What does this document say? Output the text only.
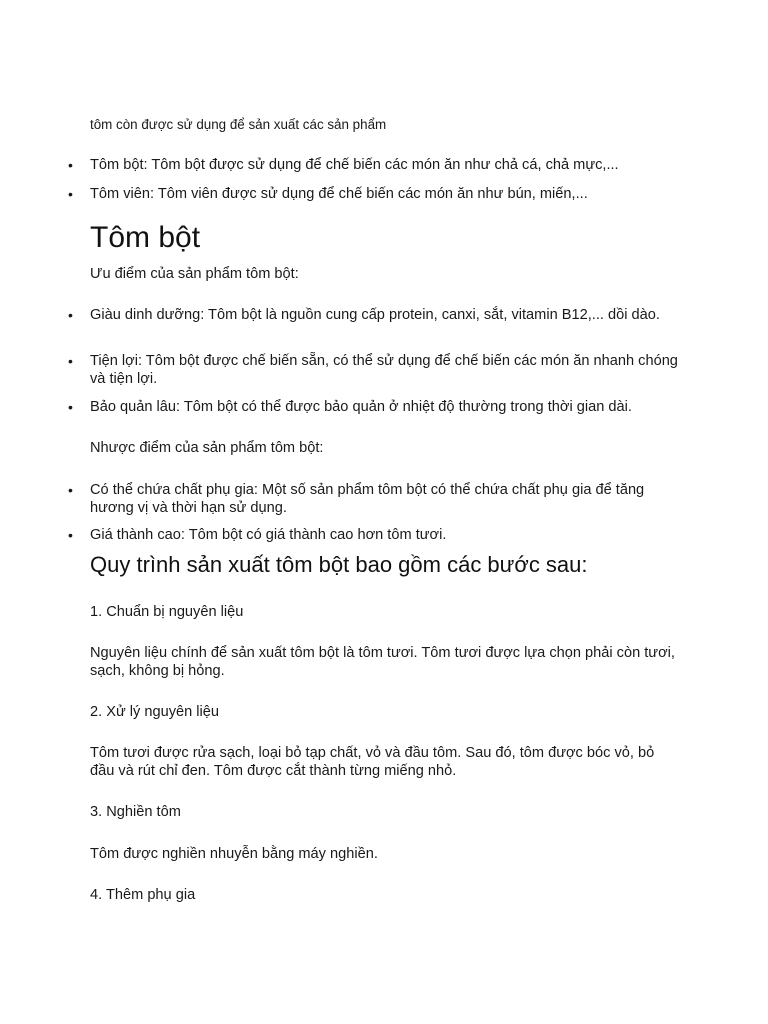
tôm còn được sử dụng để sản xuất các sản phẩm

• Tôm bột: Tôm bột được sử dụng để chế biến các món ăn như chả cá, chả mực,...

• Tôm viên: Tôm viên được sử dụng để chế biến các món ăn như bún, miến,...

Tôm bột

Ưu điểm của sản phẩm tôm bột:

• Giàu dinh dưỡng: Tôm bột là nguồn cung cấp protein, canxi, sắt, vitamin B12,... dồi dào.

• Tiện lợi: Tôm bột được chế biến sẵn, có thể sử dụng để chế biến các món ăn nhanh chóng và tiện lợi.

• Bảo quản lâu: Tôm bột có thể được bảo quản ở nhiệt độ thường trong thời gian dài.

Nhược điểm của sản phẩm tôm bột:

• Có thể chứa chất phụ gia: Một số sản phẩm tôm bột có thể chứa chất phụ gia để tăng hương vị và thời hạn sử dụng.

• Giá thành cao: Tôm bột có giá thành cao hơn tôm tươi.

Quy trình sản xuất tôm bột bao gồm các bước sau:

1. Chuẩn bị nguyên liệu

Nguyên liệu chính để sản xuất tôm bột là tôm tươi. Tôm tươi được lựa chọn phải còn tươi, sạch, không bị hỏng.

2. Xử lý nguyên liệu

Tôm tươi được rửa sạch, loại bỏ tạp chất, vỏ và đầu tôm. Sau đó, tôm được bóc vỏ, bỏ đầu và rút chỉ đen. Tôm được cắt thành từng miếng nhỏ.

3. Nghiền tôm

Tôm được nghiền nhuyễn bằng máy nghiền.

4. Thêm phụ gia
